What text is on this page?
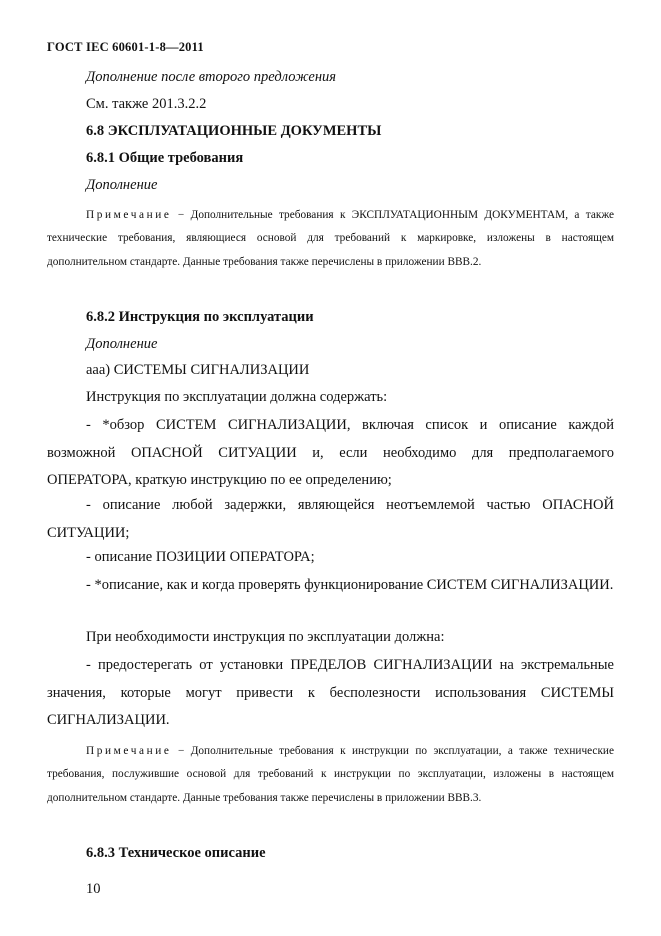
ГОСТ IEC 60601-1-8—2011
Дополнение после второго предложения
См. также 201.3.2.2
6.8 ЭКСПЛУАТАЦИОННЫЕ ДОКУМЕНТЫ
6.8.1 Общие требования
Дополнение

Примечание − Дополнительные требования к ЭКСПЛУАТАЦИОННЫМ ДОКУМЕНТАМ, а также технические требования, являющиеся основой для требований к маркировке, изложены в настоящем дополнительном стандарте. Данные требования также перечислены в приложении ВВВ.2.

6.8.2 Инструкция по эксплуатации
Дополнение
aaa) СИСТЕМЫ СИГНАЛИЗАЦИИ
Инструкция по эксплуатации должна содержать:

- *обзор СИСТЕМ СИГНАЛИЗАЦИИ, включая список и описание каждой возможной ОПАСНОЙ СИТУАЦИИ и, если необходимо для предполагаемого ОПЕРАТОРА, краткую инструкцию по ее определению;

- описание любой задержки, являющейся неотъемлемой частью ОПАСНОЙ СИТУАЦИИ;

- описание ПОЗИЦИИ ОПЕРАТОРА;

- *описание, как и когда проверять функционирование СИСТЕМ СИГНАЛИЗАЦИИ.

При необходимости инструкция по эксплуатации должна:

- предостерегать от установки ПРЕДЕЛОВ СИГНАЛИЗАЦИИ на экстремальные значения, которые могут привести к бесполезности использования СИСТЕМЫ СИГНАЛИЗАЦИИ.

Примечание − Дополнительные требования к инструкции по эксплуатации, а также технические требования, послужившие основой для требований к инструкции по эксплуатации, изложены в настоящем дополнительном стандарте. Данные требования также перечислены в приложении ВВВ.3.

6.8.3 Техническое описание
10
